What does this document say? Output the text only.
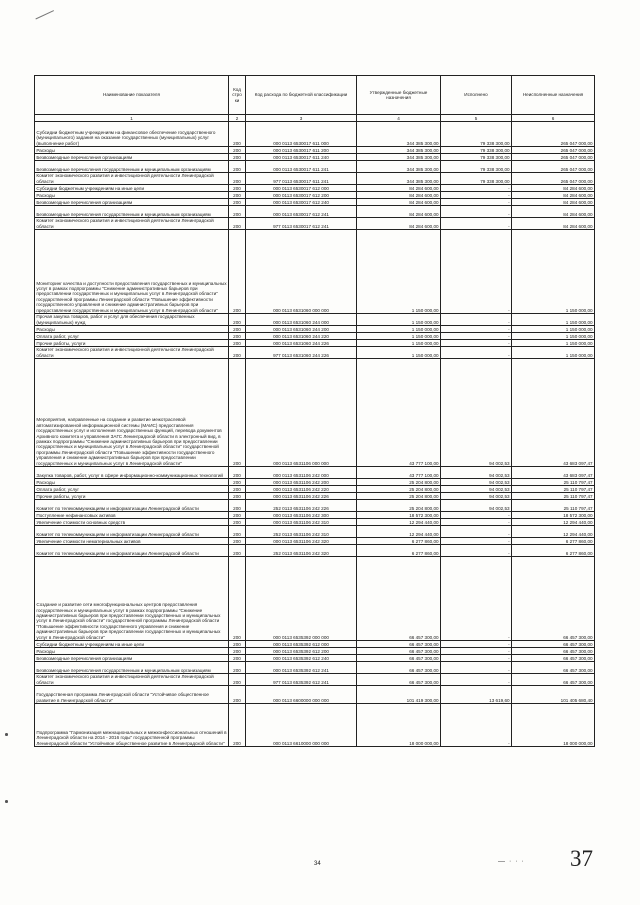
Наименование показателя	Код стро ки	Код расхода по бюджетной классификации	Утвержденные бюджетные назначения	Исполнено	Неисполненные назначения
1	2	3	4	5	6
Субсидии бюджетным учреждениям на финансовое обеспечение государственного (муниципального) задания на оказание государственных (муниципальных) услуг (выполнение работ)	200	000 0113 6530017 611 000	344 385 300,00	79 338 300,00	265 047 000,00
Расходы	200	000 0113 6530017 611 200	344 385 300,00	79 338 300,00	265 047 000,00
Безвозмездные перечисления организациям	200	000 0113 6530017 611 240	344 385 300,00	79 338 300,00	265 047 000,00
Безвозмездные перечисления государственным и муниципальным организациям	200	000 0113 6530017 611 241	344 385 300,00	79 338 300,00	265 047 000,00
Комитет экономического развития и инвестиционной деятельности Ленинградской области	200	977 0113 6530017 611 241	344 385 300,00	79 338 300,00	265 047 000,00
Субсидии бюджетным учреждениям на иные цели	200	000 0113 6530017 612 000	84 284 600,00	-	84 284 600,00
Расходы	200	000 0113 6530017 612 200	84 284 600,00	-	84 284 600,00
Безвозмездные перечисления организациям	200	000 0113 6530017 612 240	84 284 600,00	-	84 284 600,00
Безвозмездные перечисления государственным и муниципальным организациям	200	000 0113 6530017 612 241	84 284 600,00	-	84 284 600,00
Комитет экономического развития и инвестиционной деятельности Ленинградской области	200	977 0113 6530017 612 241	84 284 600,00	-	84 284 600,00
Мониторинг качества и доступности предоставления государственных и муниципальных услуг в рамках подпрограммы "Снижение административных барьеров при предоставлении государственных и муниципальных услуг в Ленинградской области" государственной программы Ленинградской области "Повышение эффективности государственного управления и снижение административных барьеров при предоставлении государственных и муниципальных услуг в Ленинградской области"	200	000 0113 6531060 000 000	1 150 000,00	-	1 150 000,00
Прочая закупка товаров, работ и услуг для обеспечения государственных (муниципальных) нужд	200	000 0113 6531060 244 000	1 150 000,00	-	1 150 000,00
Расходы	200	000 0113 6531060 244 200	1 150 000,00	-	1 150 000,00
Оплата работ, услуг	200	000 0113 6531060 244 220	1 150 000,00	-	1 150 000,00
Прочие работы, услуги	200	000 0113 6531060 244 226	1 150 000,00	-	1 150 000,00
Комитет экономического развития и инвестиционной деятельности Ленинградской области	200	977 0113 6531060 244 226	1 150 000,00	-	1 150 000,00
Мероприятия, направленные на создание и развитие межотраслевой автоматизированной информационной системы (МАИС) предоставления государственных услуг и исполнения государственных функций, перевода документов Архивного комитета и управления ЗАГС Ленинградской области в электронный вид, в рамках подпрограммы "Снижение административных барьеров при предоставлении государственных и муниципальных услуг в Ленинградской области" государственной программы Ленинградской области "Повышение эффективности государственного управления и снижение административных барьеров при предоставлении государственных и муниципальных услуг в Ленинградской области"	200	000 0113 6531106 000 000	43 777 100,00	94 002,53	43 683 097,47
Закупка товаров, работ, услуг в сфере информационно-коммуникационных технологий	200	000 0113 6531106 242 000	43 777 100,00	94 002,53	43 683 097,47
Расходы	200	000 0113 6531106 242 200	25 204 800,00	94 002,53	25 110 797,47
Оплата работ, услуг	200	000 0113 6531106 242 220	25 204 800,00	94 002,53	25 110 797,47
Прочие работы, услуги	200	000 0113 6531106 242 226	25 204 800,00	94 002,53	25 110 797,47
Комитет по телекоммуникациям и информатизации Ленинградской области	200	252 0113 6531106 242 226	25 204 800,00	94 002,53	25 110 797,47
Поступление нефинансовых активов	200	000 0113 6531106 242 300	18 572 300,00	-	18 572 300,00
Увеличение стоимости основных средств	200	000 0113 6531106 242 310	12 294 440,00	-	12 294 440,00
Комитет по телекоммуникациям и информатизации Ленинградской области	200	252 0113 6531106 242 310	12 294 440,00	-	12 294 440,00
Увеличение стоимости нематериальных активов	200	000 0113 6531106 242 320	6 277 860,00	-	6 277 860,00
Комитет по телекоммуникациям и информатизации Ленинградской области	200	252 0113 6531106 242 320	6 277 860,00	-	6 277 860,00
Создание и развитие сети многофункциональных центров предоставления государственных и муниципальных услуг в рамках подпрограммы "Снижение административных барьеров при предоставлении государственных и муниципальных услуг в Ленинградской области" государственной программы Ленинградской области "Повышение эффективности государственного управления и снижение административных барьеров при предоставлении государственных и муниципальных услуг в Ленинградской области"	200	000 0113 6535392 000 000	66 457 300,00	-	66 457 300,00
Субсидии бюджетным учреждениям на иные цели	200	000 0113 6535392 612 000	66 457 300,00	-	66 457 300,00
Расходы	200	000 0113 6535392 612 200	66 457 300,00	-	66 457 300,00
Безвозмездные перечисления организациям	200	000 0113 6535392 612 240	66 457 300,00	-	66 457 300,00
Безвозмездные перечисления государственным и муниципальным организациям	200	000 0113 6535392 612 241	66 457 300,00	-	66 457 300,00
Комитет экономического развития и инвестиционной деятельности Ленинградской области	200	977 0113 6535392 612 241	66 457 300,00	-	66 457 300,00
Государственная программа Ленинградской области "Устойчивое общественное развитие в Ленинградской области"	200	000 0113 6600000 000 000	101 419 300,00	13 619,60	101 405 680,40
Подпрограмма "Гармонизация межнациональных и межконфессиональных отношений в Ленинградской области на 2014 - 2016 годы" государственной программы Ленинградской области "Устойчивое общественное развитие в Ленинградской области"	200	000 0113 6610000 000 000	18 000 000,00	-	18 000 000,00
34	— · · · 37
